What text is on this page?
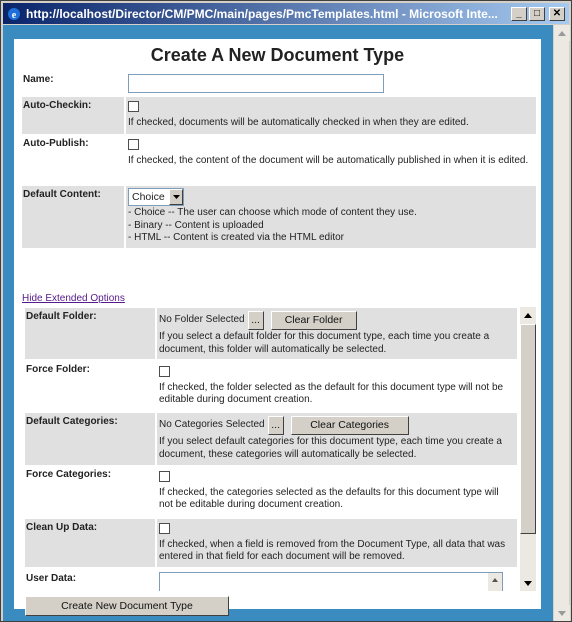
e http://localhost/Director/CM/PMC/main/pages/PmcTemplates.html - Microsoft Inte...	_	□	✕
Create A New Document Type
Name:
Auto-Checkin:
If checked, documents will be automatically checked in when they are edited.
Auto-Publish:
If checked, the content of the document will be automatically published in when it is edited.
Default Content:	Choice
- Choice -- The user can choose which mode of content they use.
- Binary -- Content is uploaded
- HTML -- Content is created via the HTML editor
Hide Extended Options
Default Folder:	No Folder Selected ...	Clear Folder
If you select a default folder for this document type, each time you create a document, this folder will automatically be selected.
Force Folder:
If checked, the folder selected as the default for this document type will not be editable during document creation.
Default Categories:	No Categories Selected ...	Clear Categories
If you select default categories for this document type, each time you create a document, these categories will automatically be selected.
Force Categories:
If checked, the categories selected as the defaults for this document type will not be editable during document creation.
Clean Up Data:
If checked, when a field is removed from the Document Type, all data that was entered in that field for each document will be removed.
User Data:
Create New Document Type
